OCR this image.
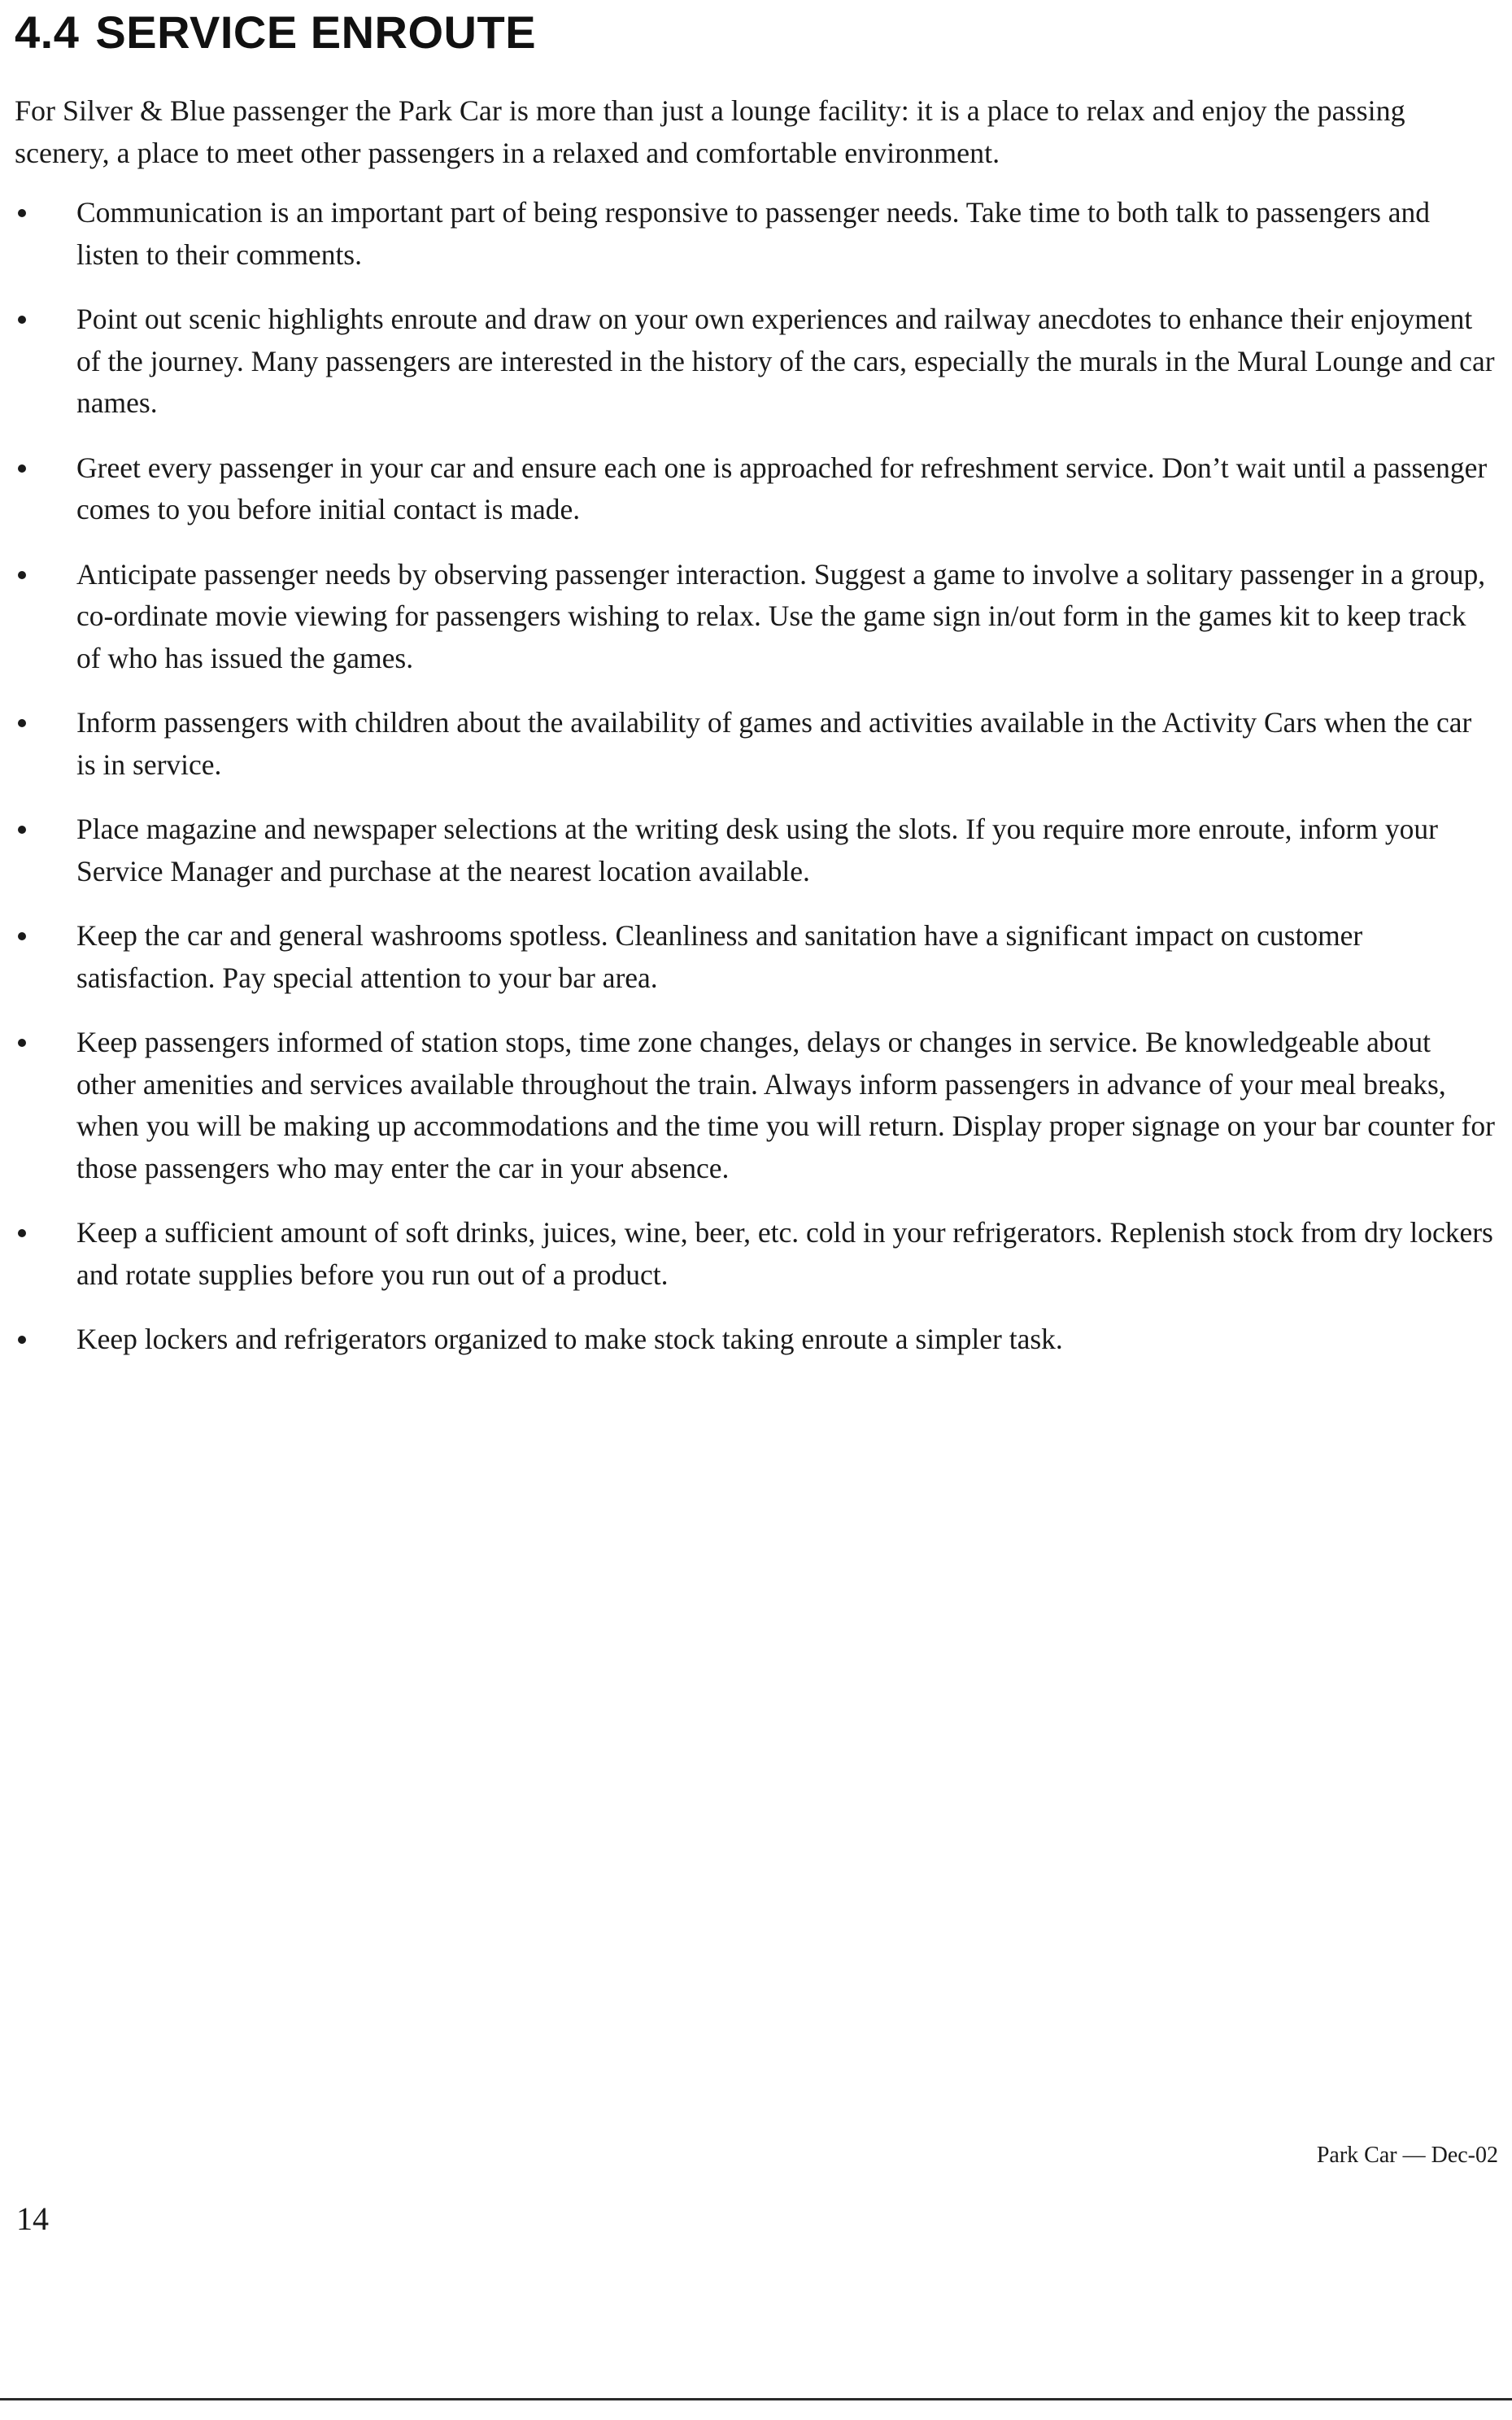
4.4 SERVICE ENROUTE

For Silver & Blue passenger the Park Car is more than just a lounge facility: it is a place to relax and enjoy the passing scenery, a place to meet other passengers in a relaxed and comfortable environment.

Communication is an important part of being responsive to passenger needs. Take time to both talk to passengers and listen to their comments.
Point out scenic highlights enroute and draw on your own experiences and railway anecdotes to enhance their enjoyment of the journey. Many passengers are interested in the history of the cars, especially the murals in the Mural Lounge and car names.
Greet every passenger in your car and ensure each one is approached for refreshment service. Don’t wait until a passenger comes to you before initial contact is made.
Anticipate passenger needs by observing passenger interaction. Suggest a game to involve a solitary passenger in a group, co-ordinate movie viewing for passengers wishing to relax. Use the game sign in/out form in the games kit to keep track of who has issued the games.
Inform passengers with children about the availability of games and activities available in the Activity Cars when the car is in service.
Place magazine and newspaper selections at the writing desk using the slots. If you require more enroute, inform your Service Manager and purchase at the nearest location available.
Keep the car and general washrooms spotless. Cleanliness and sanitation have a significant impact on customer satisfaction. Pay special attention to your bar area.
Keep passengers informed of station stops, time zone changes, delays or changes in service. Be knowledgeable about other amenities and services available throughout the train. Always inform passengers in advance of your meal breaks, when you will be making up accommodations and the time you will return. Display proper signage on your bar counter for those passengers who may enter the car in your absence.
Keep a sufficient amount of soft drinks, juices, wine, beer, etc. cold in your refrigerators. Replenish stock from dry lockers and rotate supplies before you run out of a product.
Keep lockers and refrigerators organized to make stock taking enroute a simpler task.

Park Car — Dec-02

14
